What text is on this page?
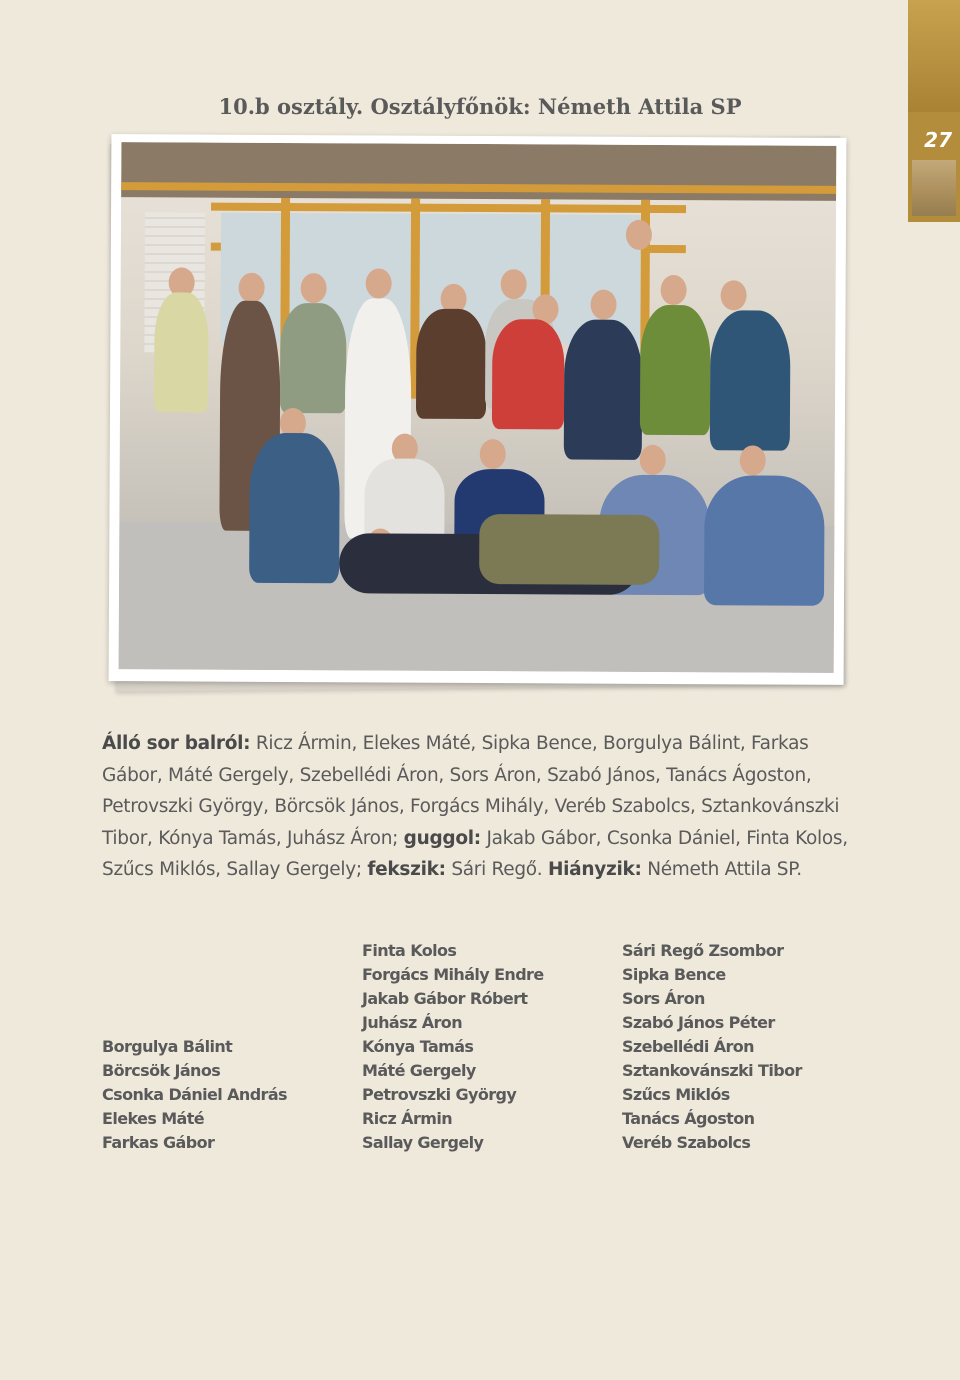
27
10.b osztály. Osztályfőnök: Németh Attila SP
Álló sor balról: Ricz Ármin, Elekes Máté, Sipka Bence, Borgulya Bálint, Farkas Gábor, Máté Gergely, Szebellédi Áron, Sors Áron, Szabó János, Tanács Ágoston, Petrovszki György, Börcsök János, Forgács Mihály, Veréb Szabolcs, Sztankovánszki Tibor, Kónya Tamás, Juhász Áron; guggol: Jakab Gábor, Csonka Dániel, Finta Kolos, Szűcs Miklós, Sallay Gergely; fekszik: Sári Regő. Hiányzik: Németh Attila SP.
Borgulya Bálint
Börcsök János
Csonka Dániel András
Elekes Máté
Farkas Gábor
Finta Kolos
Forgács Mihály Endre
Jakab Gábor Róbert
Juhász Áron
Kónya Tamás
Máté Gergely
Petrovszki György
Ricz Ármin
Sallay Gergely
Sári Regő Zsombor
Sipka Bence
Sors Áron
Szabó János Péter
Szebellédi Áron
Sztankovánszki Tibor
Szűcs Miklós
Tanács Ágoston
Veréb Szabolcs
